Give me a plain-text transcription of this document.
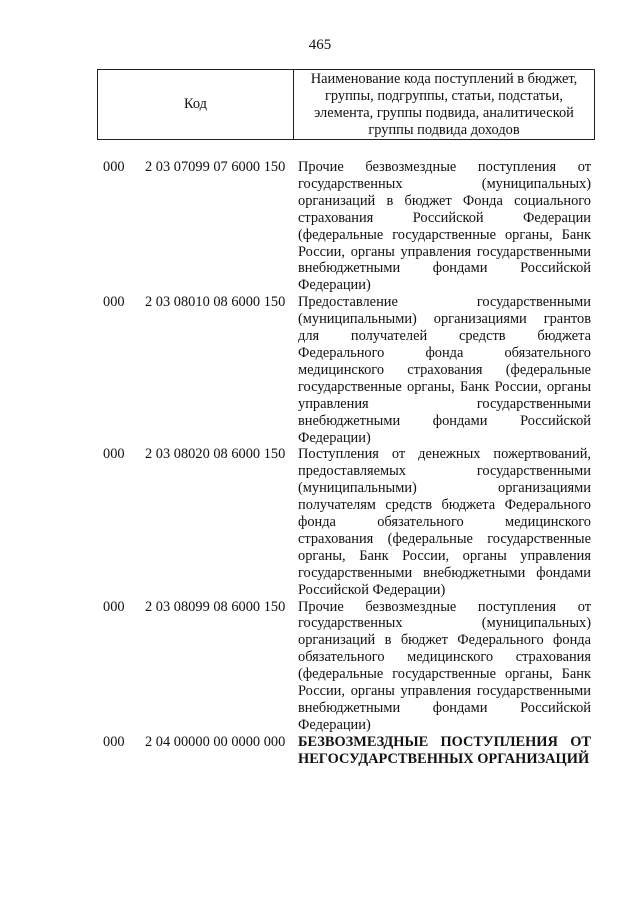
465
Код
Наименование кода поступлений в бюджет,
группы, подгруппы, статьи, подстатьи,
элемента, группы подвида, аналитической
группы подвида доходов
000	2 03 07099 07 6000 150 Прочие безвозмездные поступления от
государственных (муниципальных)
организаций в бюджет Фонда социального
страхования Российской Федерации
(федеральные государственные органы, Банк
России, органы управления государственными
внебюджетными фондами Российской
Федерации)
000	2 03 08010 08 6000 150 Предоставление государственными
(муниципальными) организациями грантов
для получателей средств бюджета
Федерального фонда обязательного
медицинского страхования (федеральные
государственные органы, Банк России, органы
управления государственными
внебюджетными фондами Российской
Федерации)
000	2 03 08020 08 6000 150 Поступления от денежных пожертвований,
предоставляемых государственными
(муниципальными) организациями
получателям средств бюджета Федерального
фонда обязательного медицинского
страхования (федеральные государственные
органы, Банк России, органы управления
государственными внебюджетными фондами
Российской Федерации)
000	2 03 08099 08 6000 150 Прочие безвозмездные поступления от
государственных (муниципальных)
организаций в бюджет Федерального фонда
обязательного медицинского страхования
(федеральные государственные органы, Банк
России, органы управления государственными
внебюджетными фондами Российской
Федерации)
000	2 04 00000 00 0000 000 БЕЗВОЗМЕЗДНЫЕ ПОСТУПЛЕНИЯ ОТ
НЕГОСУДАРСТВЕННЫХ ОРГАНИЗАЦИЙ
